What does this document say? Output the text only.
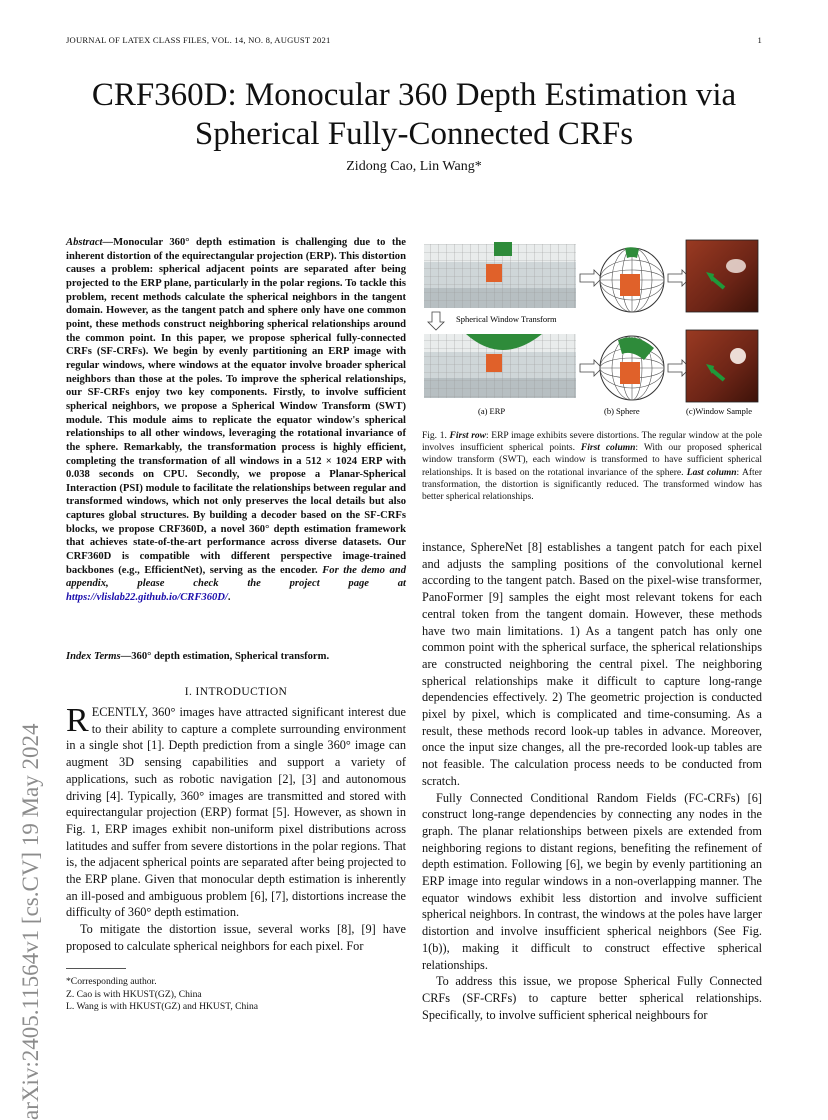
JOURNAL OF LATEX CLASS FILES, VOL. 14, NO. 8, AUGUST 2021	1
CRF360D: Monocular 360 Depth Estimation via Spherical Fully-Connected CRFs
Zidong Cao, Lin Wang*
arXiv:2405.11564v1 [cs.CV] 19 May 2024
Abstract—Monocular 360° depth estimation is challenging due to the inherent distortion of the equirectangular projection (ERP). This distortion causes a problem: spherical adjacent points are separated after being projected to the ERP plane, particularly in the polar regions. To tackle this problem, recent methods calculate the spherical neighbors in the tangent domain. However, as the tangent patch and sphere only have one common point, these methods construct neighboring spherical relationships around the common point. In this paper, we propose spherical fully-connected CRFs (SF-CRFs). We begin by evenly partitioning an ERP image with regular windows, where windows at the equator involve broader spherical neighbors than those at the poles. To improve the spherical relationships, our SF-CRFs enjoy two key components. Firstly, to involve sufficient spherical neighbors, we propose a Spherical Window Transform (SWT) module. This module aims to replicate the equator window's spherical relationships to all other windows, leveraging the rotational invariance of the sphere. Remarkably, the transformation process is highly efficient, completing the transformation of all windows in a 512 × 1024 ERP with 0.038 seconds on CPU. Secondly, we propose a Planar-Spherical Interaction (PSI) module to facilitate the relationships between regular and transformed windows, which not only preserves the local details but also captures global structures. By building a decoder based on the SF-CRFs blocks, we propose CRF360D, a novel 360° depth estimation framework that achieves state-of-the-art performance across diverse datasets. Our CRF360D is compatible with different perspective image-trained backbones (e.g., EfficientNet), serving as the encoder. For the demo and appendix, please check the project page at https://vlislab22.github.io/CRF360D/.
Index Terms—360° depth estimation, Spherical transform.
I. INTRODUCTION

RECENTLY, 360° images have attracted significant interest due to their ability to capture a complete surrounding environment in a single shot [1]. Depth prediction from a single 360° image can augment 3D sensing capabilities and support a variety of applications, such as robotic navigation [2], [3] and autonomous driving [4]. Typically, 360° images are transmitted and stored with equirectangular projection (ERP) format [5]. However, as shown in Fig. 1, ERP images exhibit non-uniform pixel distributions across latitudes and suffer from severe distortions in the polar regions. That is, the adjacent spherical points are separated after being projected to the ERP plane. Given that monocular depth estimation is inherently an ill-posed and ambiguous problem [6], [7], distortions increase the difficulty of 360° depth estimation.

To mitigate the distortion issue, several works [8], [9] have proposed to calculate spherical neighbors for each pixel. For

*Corresponding author.
Z. Cao is with HKUST(GZ), China
L. Wang is with HKUST(GZ) and HKUST, China
Spherical Window Transform
(a) ERP	(b) Sphere	(c)Window Sample
Fig. 1. First row: ERP image exhibits severe distortions. The regular window at the pole involves insufficient spherical points. First column: With our proposed spherical window transform (SWT), each window is transformed to have sufficient spherical relationships. It is based on the rotational invariance of the sphere. Last column: After transformation, the distortion is significantly reduced. The transformed window has better spherical relationships.

instance, SphereNet [8] establishes a tangent patch for each pixel and adjusts the sampling positions of the convolutional kernel according to the tangent patch. Based on the pixel-wise transformer, PanoFormer [9] samples the eight most relevant tokens for each central token from the tangent domain. However, these methods have two main limitations. 1) As a tangent patch has only one common point with the spherical surface, the spherical relationships are constructed neighboring the central pixel. The neighboring spherical relationships make it difficult to capture long-range dependencies effectively. 2) The geometric projection is conducted pixel by pixel, which is complicated and time-consuming. As a result, these methods record look-up tables in advance. Moreover, once the input size changes, all the pre-recorded look-up tables are not feasible. The calculation process needs to be conducted from scratch.

Fully Connected Conditional Random Fields (FC-CRFs) [6] construct long-range dependencies by connecting any nodes in the graph. The planar relationships between pixels are extended from neighboring regions to distant regions, benefiting the refinement of depth estimation. Following [6], we begin by evenly partitioning an ERP image into regular windows in a non-overlapping manner. The equator windows exhibit less distortion and involve sufficient spherical neighbors. In contrast, the windows at the poles have larger distortion and involve insufficient spherical neighbors (See Fig. 1(b)), making it difficult to construct effective spherical relationships.

To address this issue, we propose Spherical Fully Connected CRFs (SF-CRFs) to capture better spherical relationships. Specifically, to involve sufficient spherical neighbours for
